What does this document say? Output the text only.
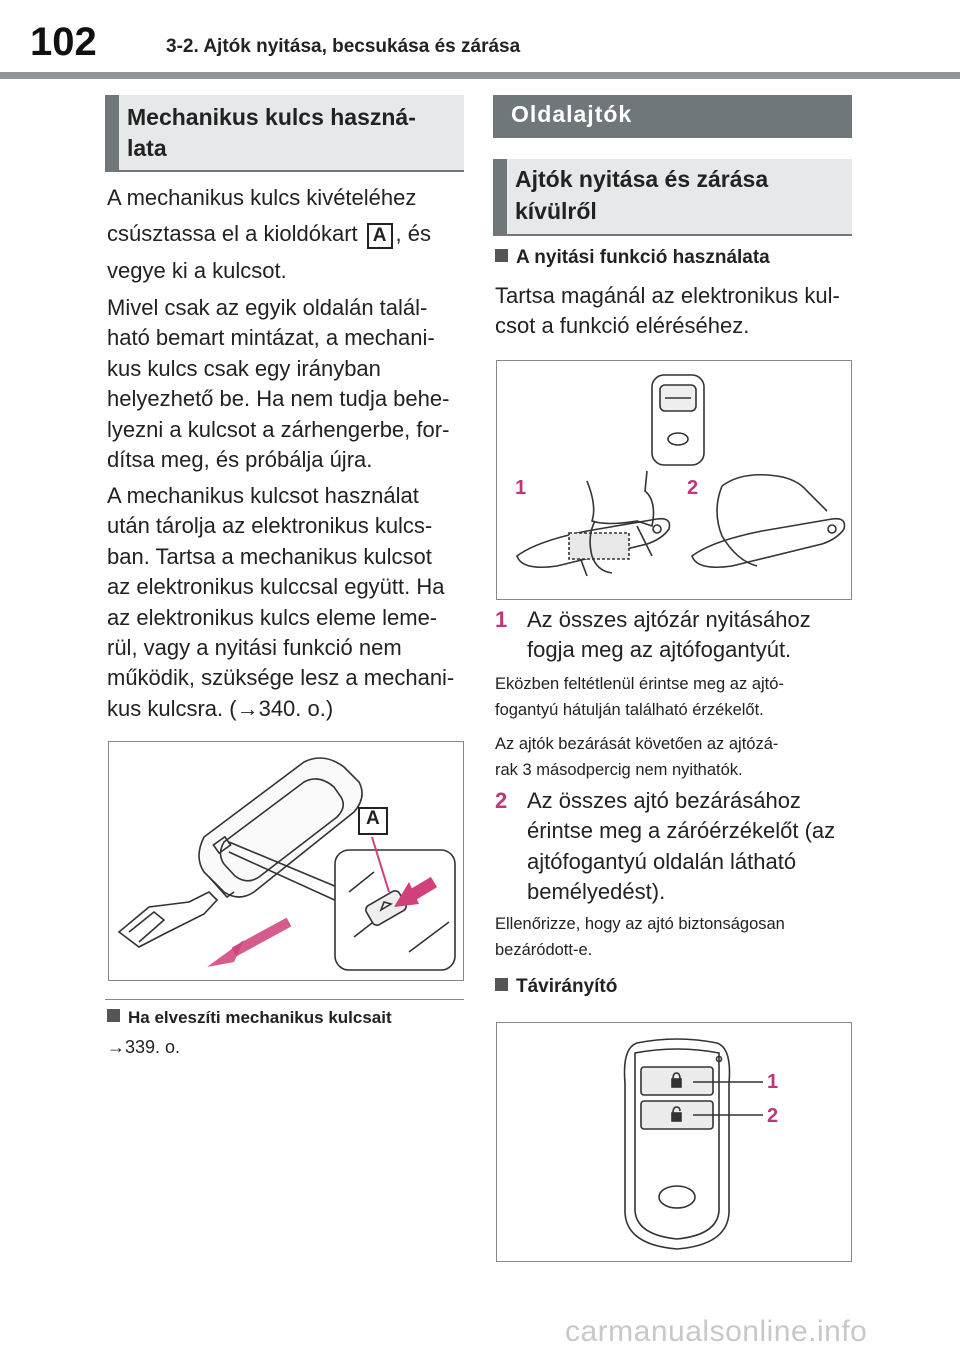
102	3-2. Ajtók nyitása, becsukása és zárása
Mechanikus kulcs haszná-
lata
A mechanikus kulcs kivételéhez
csúsztassa el a kioldókart A , és
vegye ki a kulcsot.
Mivel csak az egyik oldalán talál-
ható bemart mintázat, a mechani-
kus kulcs csak egy irányban
helyezhető be. Ha nem tudja behe-
lyezni a kulcsot a zárhengerbe, for-
dítsa meg, és próbálja újra.
A mechanikus kulcsot használat
után tárolja az elektronikus kulcs-
ban. Tartsa a mechanikus kulcsot
az elektronikus kulccsal együtt. Ha
az elektronikus kulcs eleme leme-
rül, vagy a nyitási funkció nem
működik, szüksége lesz a mechani-
kus kulcsra. (→340. o.)
A
Ha elveszíti mechanikus kulcsait
→339. o.
Oldalajtók
Ajtók nyitása és zárása
kívülről
A nyitási funkció használata
Tartsa magánál az elektronikus kul-
csot a funkció eléréséhez.
1	2
1 Az összes ajtózár nyitásához
fogja meg az ajtófogantyút.
Eközben feltétlenül érintse meg az ajtó-
fogantyú hátulján található érzékelőt.
Az ajtók bezárását követően az ajtózá-
rak 3 másodpercig nem nyithatók.
2 Az összes ajtó bezárásához
érintse meg a záróérzékelőt (az
ajtófogantyú oldalán látható
bemélyedést).
Ellenőrizze, hogy az ajtó biztonságosan
bezáródott-e.
Távirányító
1
2
carmanualsonline.info
